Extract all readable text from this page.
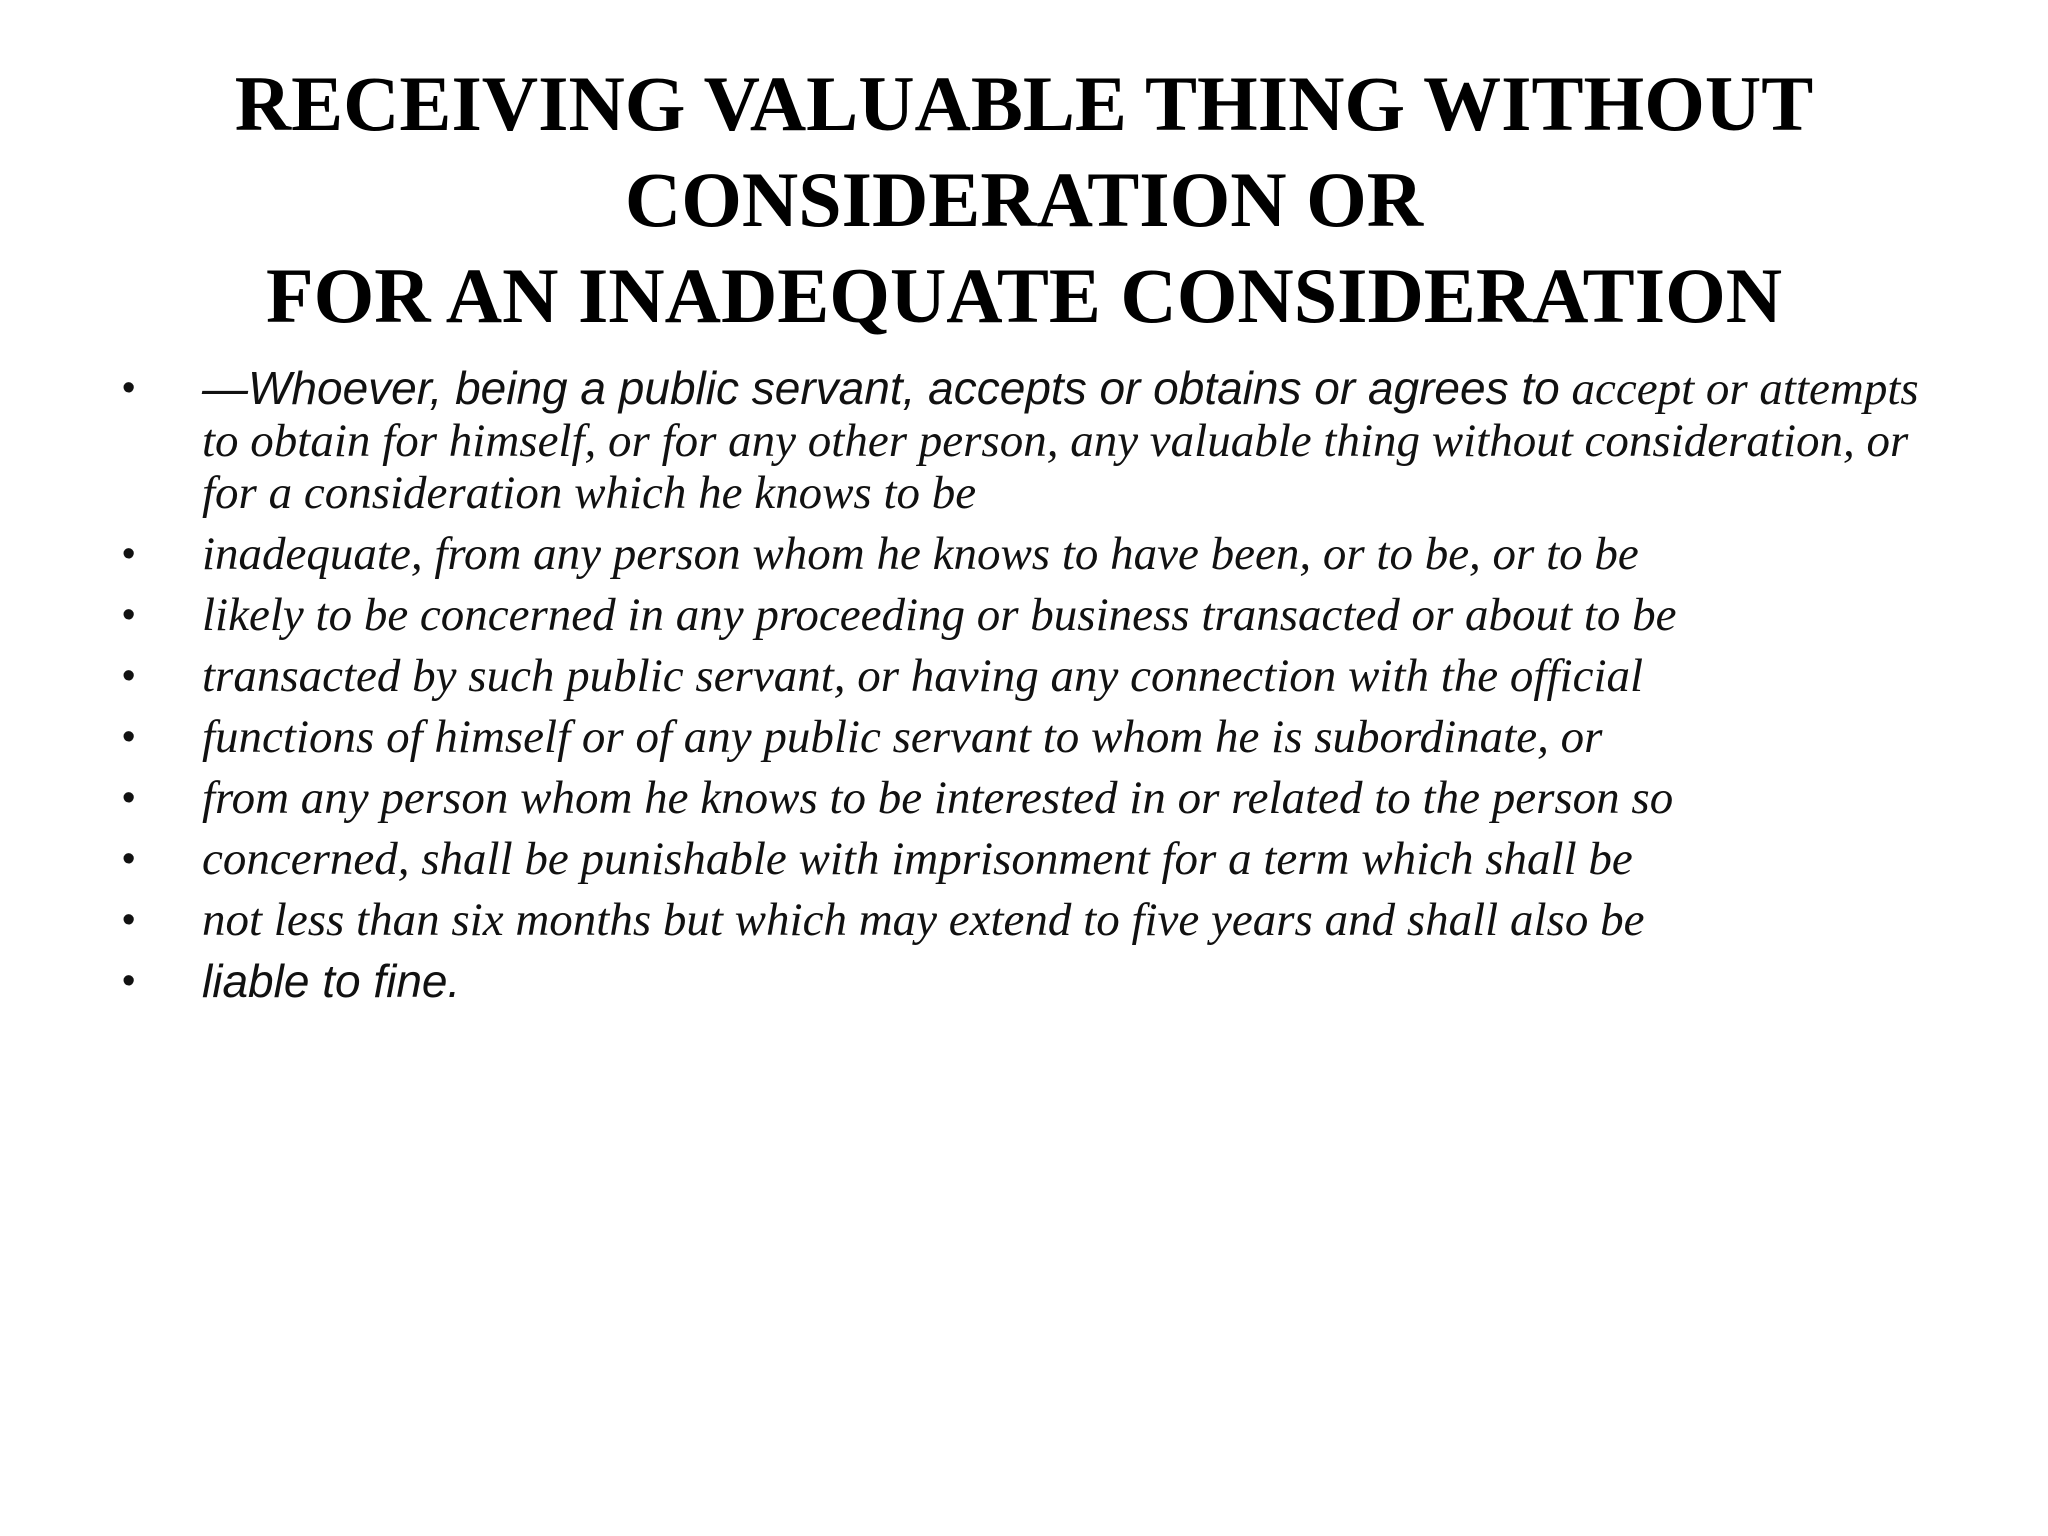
RECEIVING VALUABLE THING WITHOUT
CONSIDERATION OR
FOR AN INADEQUATE CONSIDERATION
• —Whoever, being a public servant, accepts or obtains or agrees to accept or attempts to obtain for himself, or for any other person, any valuable thing without consideration, or for a consideration which he knows to be
• inadequate, from any person whom he knows to have been, or to be, or to be
• likely to be concerned in any proceeding or business transacted or about to be
• transacted by such public servant, or having any connection with the official
• functions of himself or of any public servant to whom he is subordinate, or
• from any person whom he knows to be interested in or related to the person so
• concerned, shall be punishable with imprisonment for a term which shall be
• not less than six months but which may extend to five years and shall also be
• liable to fine.
